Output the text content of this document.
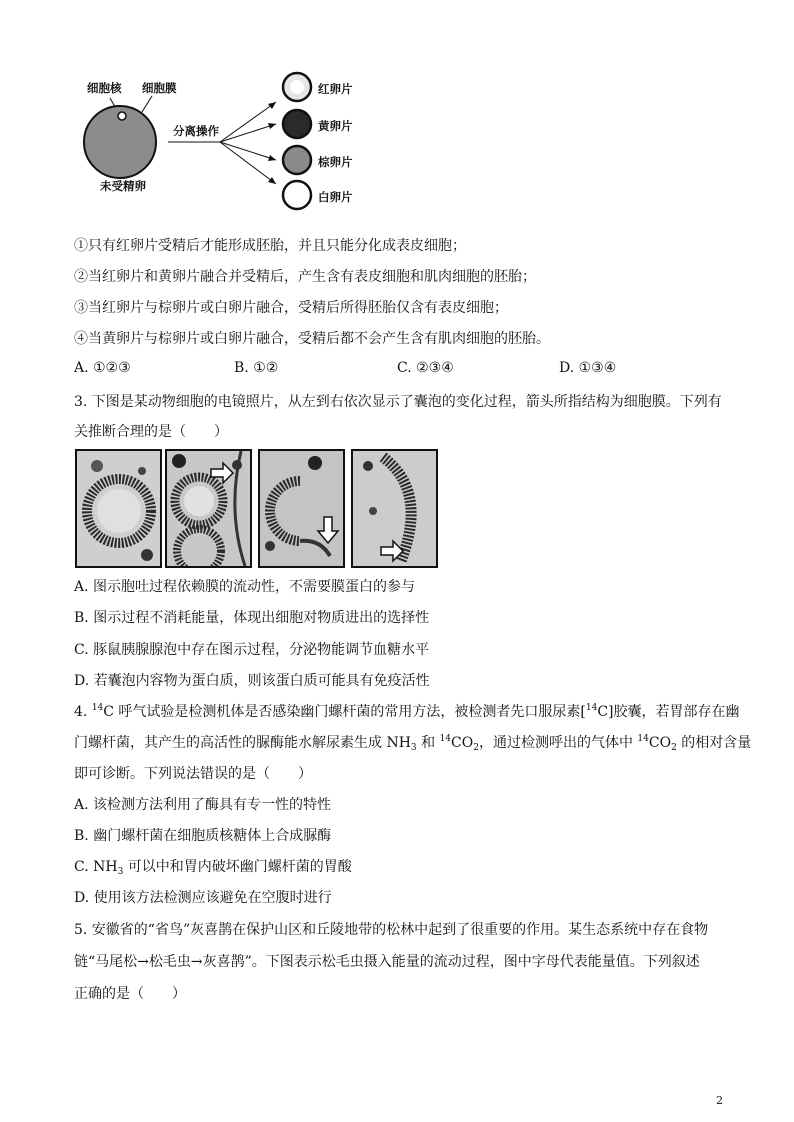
细胞核 细胞膜
分离操作
未受精卵
红卵片
黄卵片
棕卵片
白卵片
①只有红卵片受精后才能形成胚胎，并且只能分化成表皮细胞；
②当红卵片和黄卵片融合并受精后，产生含有表皮细胞和肌肉细胞的胚胎；
③当红卵片与棕卵片或白卵片融合，受精后所得胚胎仅含有表皮细胞；
④当黄卵片与棕卵片或白卵片融合，受精后都不会产生含有肌肉细胞的胚胎。
A. ①②③	B. ①②	C. ②③④	D. ①③④
3. 下图是某动物细胞的电镜照片，从左到右依次显示了囊泡的变化过程，箭头所指结构为细胞膜。下列有
关推断合理的是（　　）
A. 图示胞吐过程依赖膜的流动性，不需要膜蛋白的参与
B. 图示过程不消耗能量，体现出细胞对物质进出的选择性
C. 豚鼠胰腺腺泡中存在图示过程，分泌物能调节血糖水平
D. 若囊泡内容物为蛋白质，则该蛋白质可能具有免疫活性
4. $^{14}$C 呼气试验是检测机体是否感染幽门螺杆菌的常用方法，被检测者先口服尿素[$^{14}$C]胶囊，若胃部存在幽
门螺杆菌，其产生的高活性的脲酶能水解尿素生成 $NH_3$ 和 $^{14}CO_2$，通过检测呼出的气体中 $^{14}CO_2$ 的相对含量
即可诊断。下列说法错误的是（　　）
A. 该检测方法利用了酶具有专一性的特性
B. 幽门螺杆菌在细胞质核糖体上合成脲酶
C. $NH_3$ 可以中和胃内破坏幽门螺杆菌的胃酸
D. 使用该方法检测应该避免在空腹时进行
5. 安徽省的“省鸟”灰喜鹊在保护山区和丘陵地带的松林中起到了很重要的作用。某生态系统中存在食物
链“马尾松→松毛虫→灰喜鹊”。下图表示松毛虫摄入能量的流动过程，图中字母代表能量值。下列叙述
正确的是（　　）
2
